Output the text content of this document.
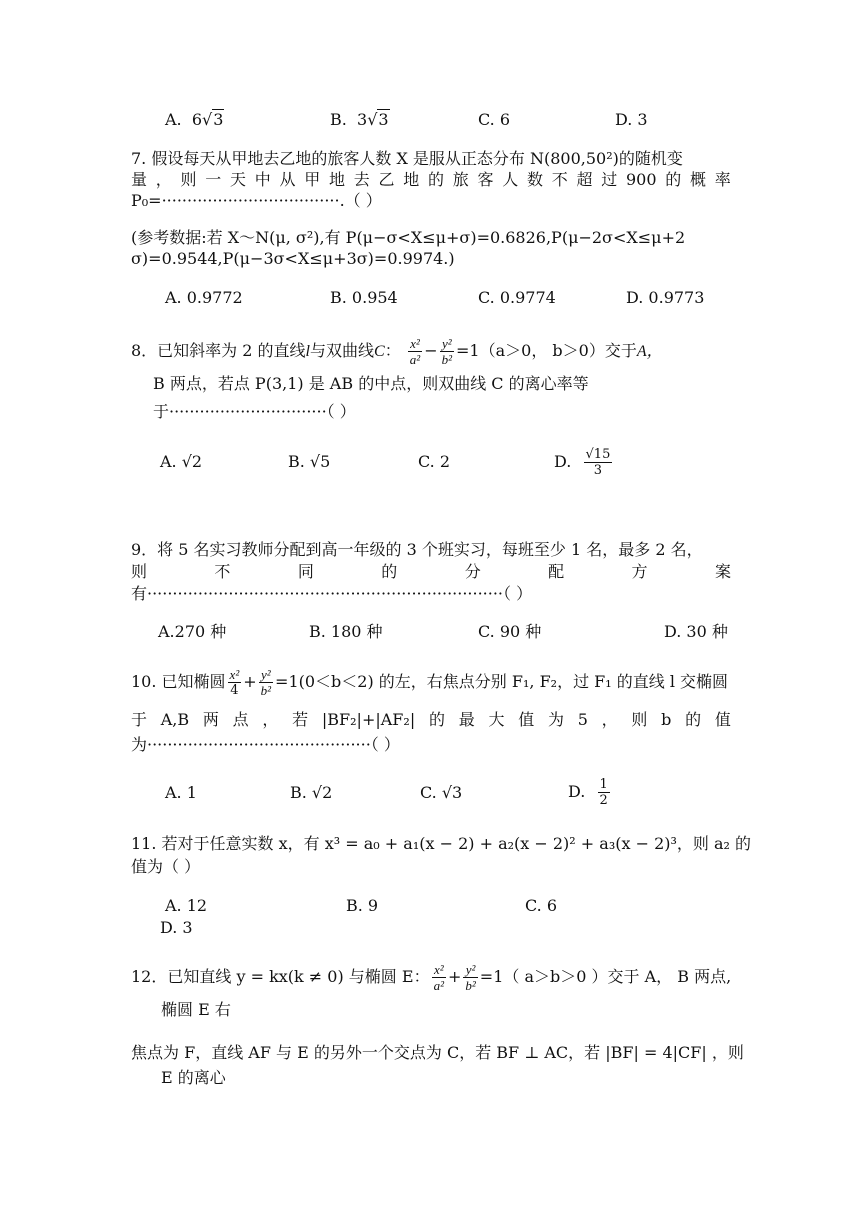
A. 6√3	B. 3√3	C. 6	D. 3
7. 假设每天从甲地去乙地的旅客人数 X 是服从正态分布 N(800,50²)的随机变
量 ， 则 一 天 中 从 甲 地 去 乙 地 的 旅 客 人 数 不 超 过 900 的 概 率
P₀=···································.（ ）
(参考数据:若 X～N(μ, σ²),有 P(μ−σ<X≤μ+σ)=0.6826,P(μ−2σ<X≤μ+2
σ)=0.9544,P(μ−3σ<X≤μ+3σ)=0.9974.)
A. 0.9772	B. 0.954	C. 0.9774	D. 0.9773
8．已知斜率为 2 的直线l与双曲线C： $\frac{\text{x²}}{\text{a²}} - \frac{\text{y²}}{\text{b²}} =1(a>0$， b＞0）交于A，
B 两点，若点 P(3,1) 是 AB 的中点，则双曲线 C 的离心率等
于·······························（ ）
A. √2	B. √5	C. 2	D. $\frac{√15}{3}$
9．将 5 名实习教师分配到高一年级的 3 个班实习，每班至少 1 名，最多 2 名，
则	不	同	的	分	配	方	案
有······································································（ ）
A.270 种	B. 180 种	C. 90 种	D. 30 种
10. 已知椭圆 $\frac{\text{x²}}{4} + \frac{\text{y²}}{\text{b²}} =1(0<b<2)$ 的左，右焦点分别 F₁, F₂，过 F₁ 的直线 l 交椭圆
于 A,B 两 点 ， 若 |BF₂|+|AF₂| 的 最 大 值 为 5 ， 则 b 的 值
为············································（ ）
A. 1	B. √2	C. √3	D. $\frac{1}{2}$
11. 若对于任意实数 x，有 x³ = a₀ + a₁(x − 2) + a₂(x − 2)² + a₃(x − 2)³，则 a₂ 的
值为（ ）
A. 12	B. 9	C. 6
D. 3
12．已知直线 y = kx(k ≠ 0) 与椭圆 E： $\frac{\text{x²}}{\text{a²}} + \frac{\text{y²}}{\text{b²}} =1$（ a＞b＞0 ）交于 A， B 两点,
椭圆 E 右
焦点为 F，直线 AF 与 E 的另外一个交点为 C，若 BF ⊥ AC，若 |BF| = 4|CF| ，则
E 的离心
